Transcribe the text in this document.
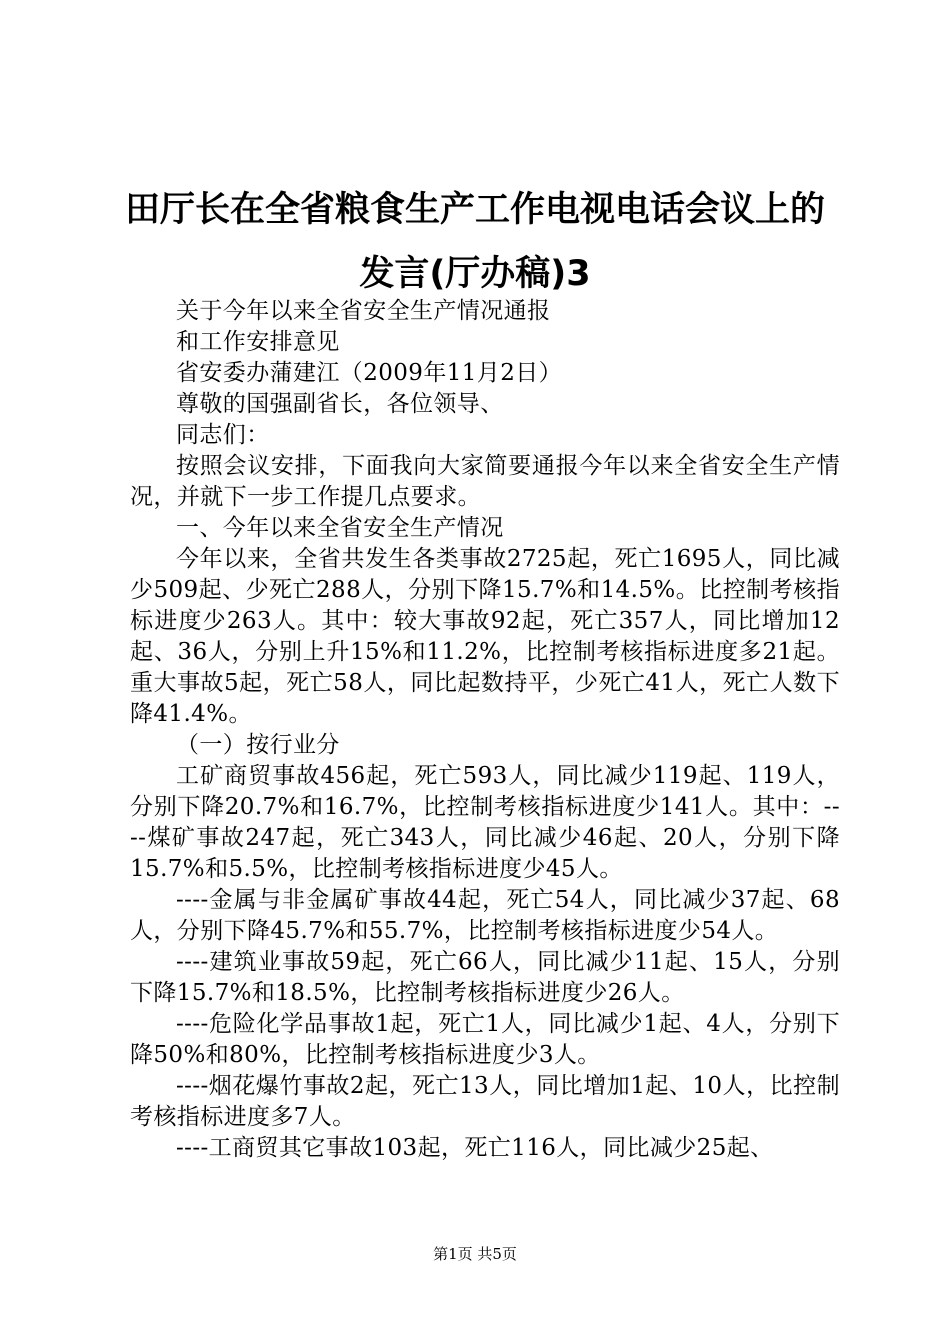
田厅长在全省粮食生产工作电视电话会议上的
发言(厅办稿)3

关于今年以来全省安全生产情况通报

和工作安排意见

省安委办蒲建江（2009年11月2日）

尊敬的国强副省长，各位领导、

同志们：

按照会议安排，下面我向大家简要通报今年以来全省安全生产情况，并就下一步工作提几点要求。

一、今年以来全省安全生产情况

今年以来，全省共发生各类事故2725起，死亡1695人，同比减少509起、少死亡288人，分别下降15.7%和14.5%。比控制考核指标进度少263人。其中：较大事故92起，死亡357人，同比增加12起、36人，分别上升15%和11.2%，比控制考核指标进度多21起。重大事故5起，死亡58人，同比起数持平，少死亡41人，死亡人数下降41.4%。

（一）按行业分

工矿商贸事故456起，死亡593人，同比减少119起、119人，分别下降20.7%和16.7%，比控制考核指标进度少141人。其中：----煤矿事故247起，死亡343人，同比减少46起、20人，分别下降15.7%和5.5%，比控制考核指标进度少45人。

----金属与非金属矿事故44起，死亡54人，同比减少37起、68人，分别下降45.7%和55.7%，比控制考核指标进度少54人。

----建筑业事故59起，死亡66人，同比减少11起、15人，分别下降15.7%和18.5%，比控制考核指标进度少26人。

----危险化学品事故1起，死亡1人，同比减少1起、4人，分别下降50%和80%，比控制考核指标进度少3人。

----烟花爆竹事故2起，死亡13人，同比增加1起、10人，比控制考核指标进度多7人。

----工商贸其它事故103起，死亡116人，同比减少25起、

第1页 共5页
